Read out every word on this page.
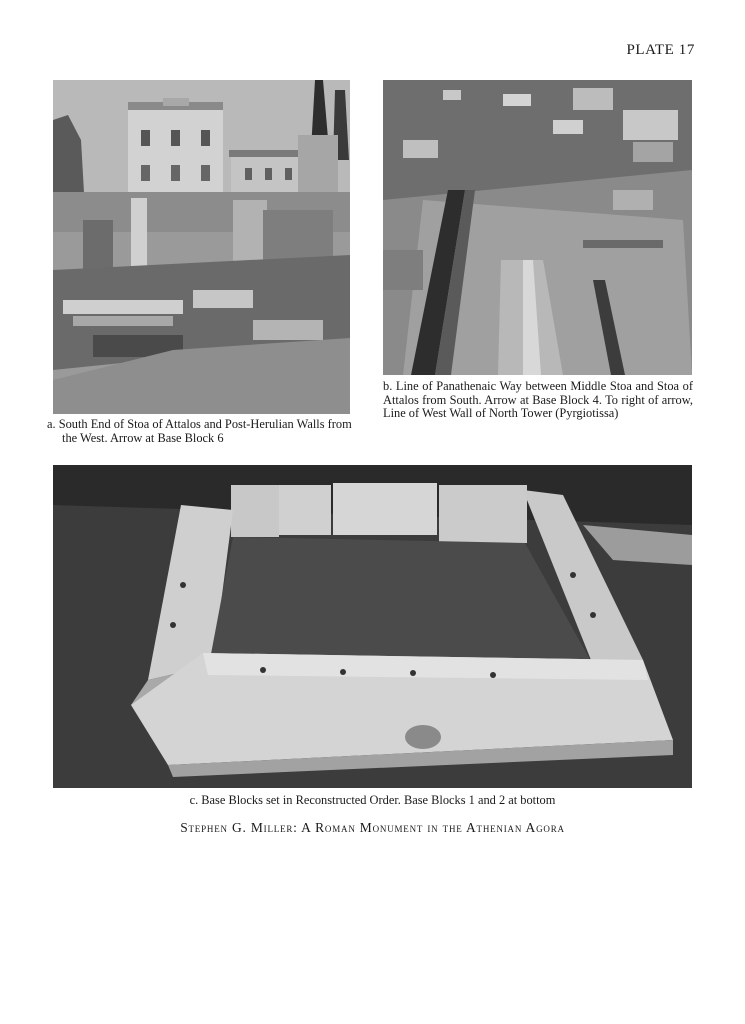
PLATE 17
a. South End of Stoa of Attalos and Post-Herulian Walls from the West. Arrow at Base Block 6
b. Line of Panathenaic Way between Middle Stoa and Stoa of Attalos from South. Arrow at Base Block 4. To right of arrow, Line of West Wall of North Tower (Pyrgiotissa)
c. Base Blocks set in Reconstructed Order. Base Blocks 1 and 2 at bottom
Stephen G. Miller: A Roman Monument in the Athenian Agora
